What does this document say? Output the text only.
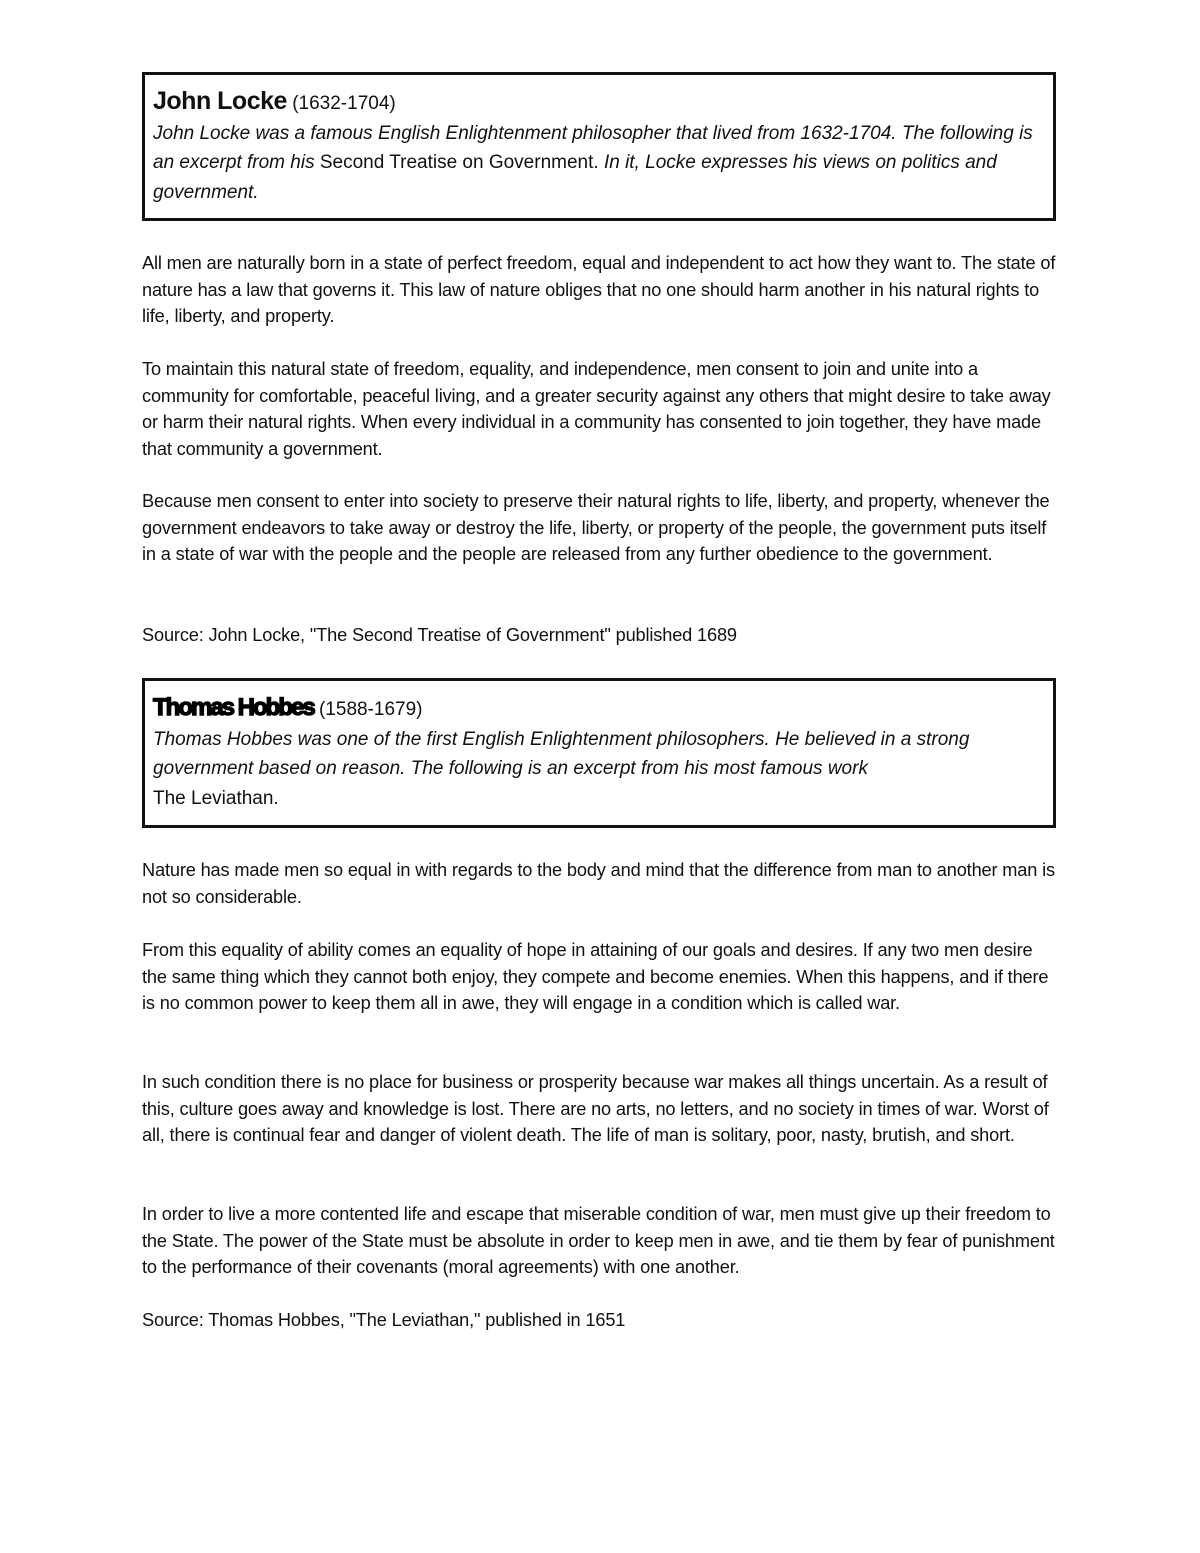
John Locke (1632-1704)
John Locke was a famous English Enlightenment philosopher that lived from 1632-1704. The following is an excerpt from his Second Treatise on Government. In it, Locke expresses his views on politics and government.

All men are naturally born in a state of perfect freedom, equal and independent to act how they want to. The state of nature has a law that governs it. This law of nature obliges that no one should harm another in his natural rights to life, liberty, and property.

To maintain this natural state of freedom, equality, and independence, men consent to join and unite into a community for comfortable, peaceful living, and a greater security against any others that might desire to take away or harm their natural rights. When every individual in a community has consented to join together, they have made that community a government.

Because men consent to enter into society to preserve their natural rights to life, liberty, and property, whenever the government endeavors to take away or destroy the life, liberty, or property of the people, the government puts itself in a state of war with the people and the people are released from any further obedience to the government.

Source: John Locke, "The Second Treatise of Government" published 1689

Thomas Hobbes (1588-1679)
Thomas Hobbes was one of the first English Enlightenment philosophers. He believed in a strong government based on reason. The following is an excerpt from his most famous work
The Leviathan.

Nature has made men so equal in with regards to the body and mind that the difference from man to another man is not so considerable.

From this equality of ability comes an equality of hope in attaining of our goals and desires. If any two men desire the same thing which they cannot both enjoy, they compete and become enemies. When this happens, and if there is no common power to keep them all in awe, they will engage in a condition which is called war.

In such condition there is no place for business or prosperity because war makes all things uncertain. As a result of this, culture goes away and knowledge is lost. There are no arts, no letters, and no society in times of war. Worst of all, there is continual fear and danger of violent death. The life of man is solitary, poor, nasty, brutish, and short.

In order to live a more contented life and escape that miserable condition of war, men must give up their freedom to the State. The power of the State must be absolute in order to keep men in awe, and tie them by fear of punishment to the performance of their covenants (moral agreements) with one another.

Source: Thomas Hobbes, "The Leviathan," published in 1651
